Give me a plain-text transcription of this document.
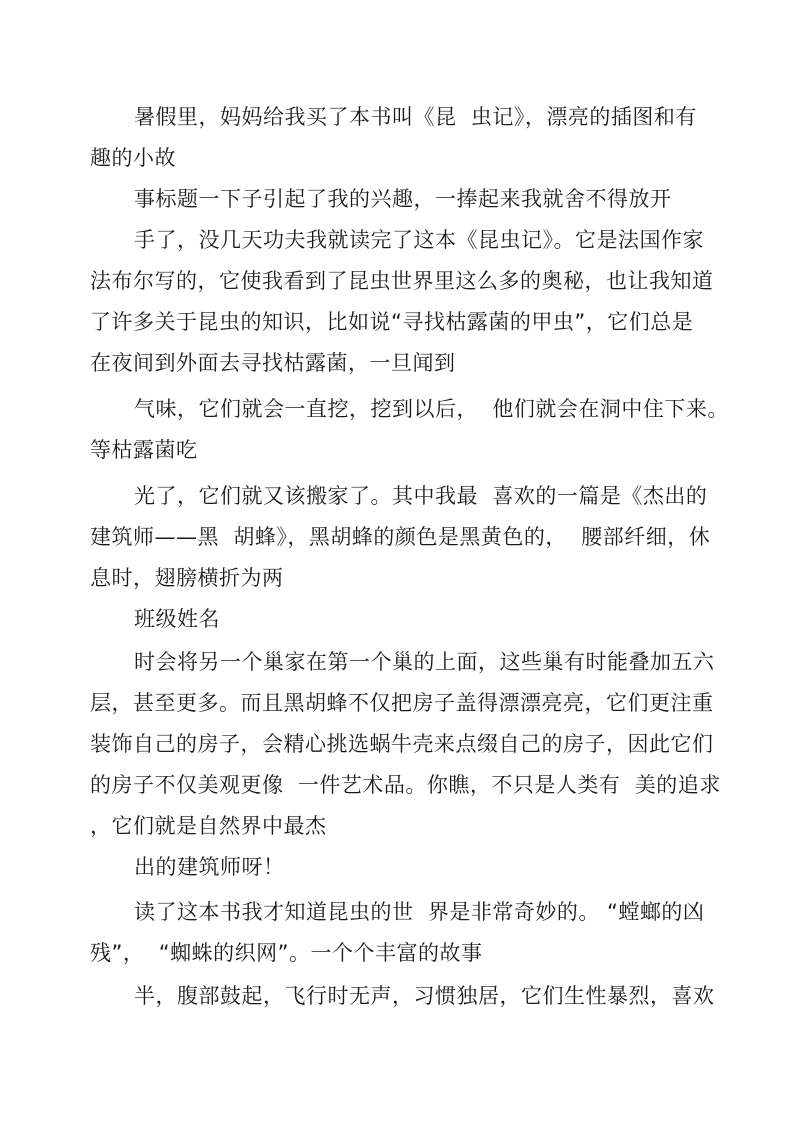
暑假里，妈妈给我买了本书叫《昆  虫记》，漂亮的插图和有
趣的小故
事标题一下子引起了我的兴趣，一捧起来我就舍不得放开
手了，没几天功夫我就读完了这本《昆虫记》。它是法国作家
法布尔写的，它使我看到了昆虫世界里这么多的奥秘，也让我知道
了许多关于昆虫的知识，比如说“寻找枯露菌的甲虫”，它们总是
在夜间到外面去寻找枯露菌，一旦闻到
气味，它们就会一直挖，挖到以后，  他们就会在洞中住下来。
等枯露菌吃
光了，它们就又该搬家了。其中我最  喜欢的一篇是《杰出的
建筑师——黑  胡蜂》，黑胡蜂的颜色是黑黄色的，  腰部纤细，休
息时，翅膀横折为两
班级姓名
时会将另一个巢家在第一个巢的上面，这些巢有时能叠加五六
层，甚至更多。而且黑胡蜂不仅把房子盖得漂漂亮亮，它们更注重
装饰自己的房子，会精心挑选蜗牛壳来点缀自己的房子，因此它们
的房子不仅美观更像  一件艺术品。你瞧，不只是人类有  美的追求
，它们就是自然界中最杰
出的建筑师呀！
读了这本书我才知道昆虫的世  界是非常奇妙的。 “螳螂的凶
残”，  “蜘蛛的织网”。一个个丰富的故事
半，腹部鼓起，飞行时无声，习惯独居，它们生性暴烈，喜欢
